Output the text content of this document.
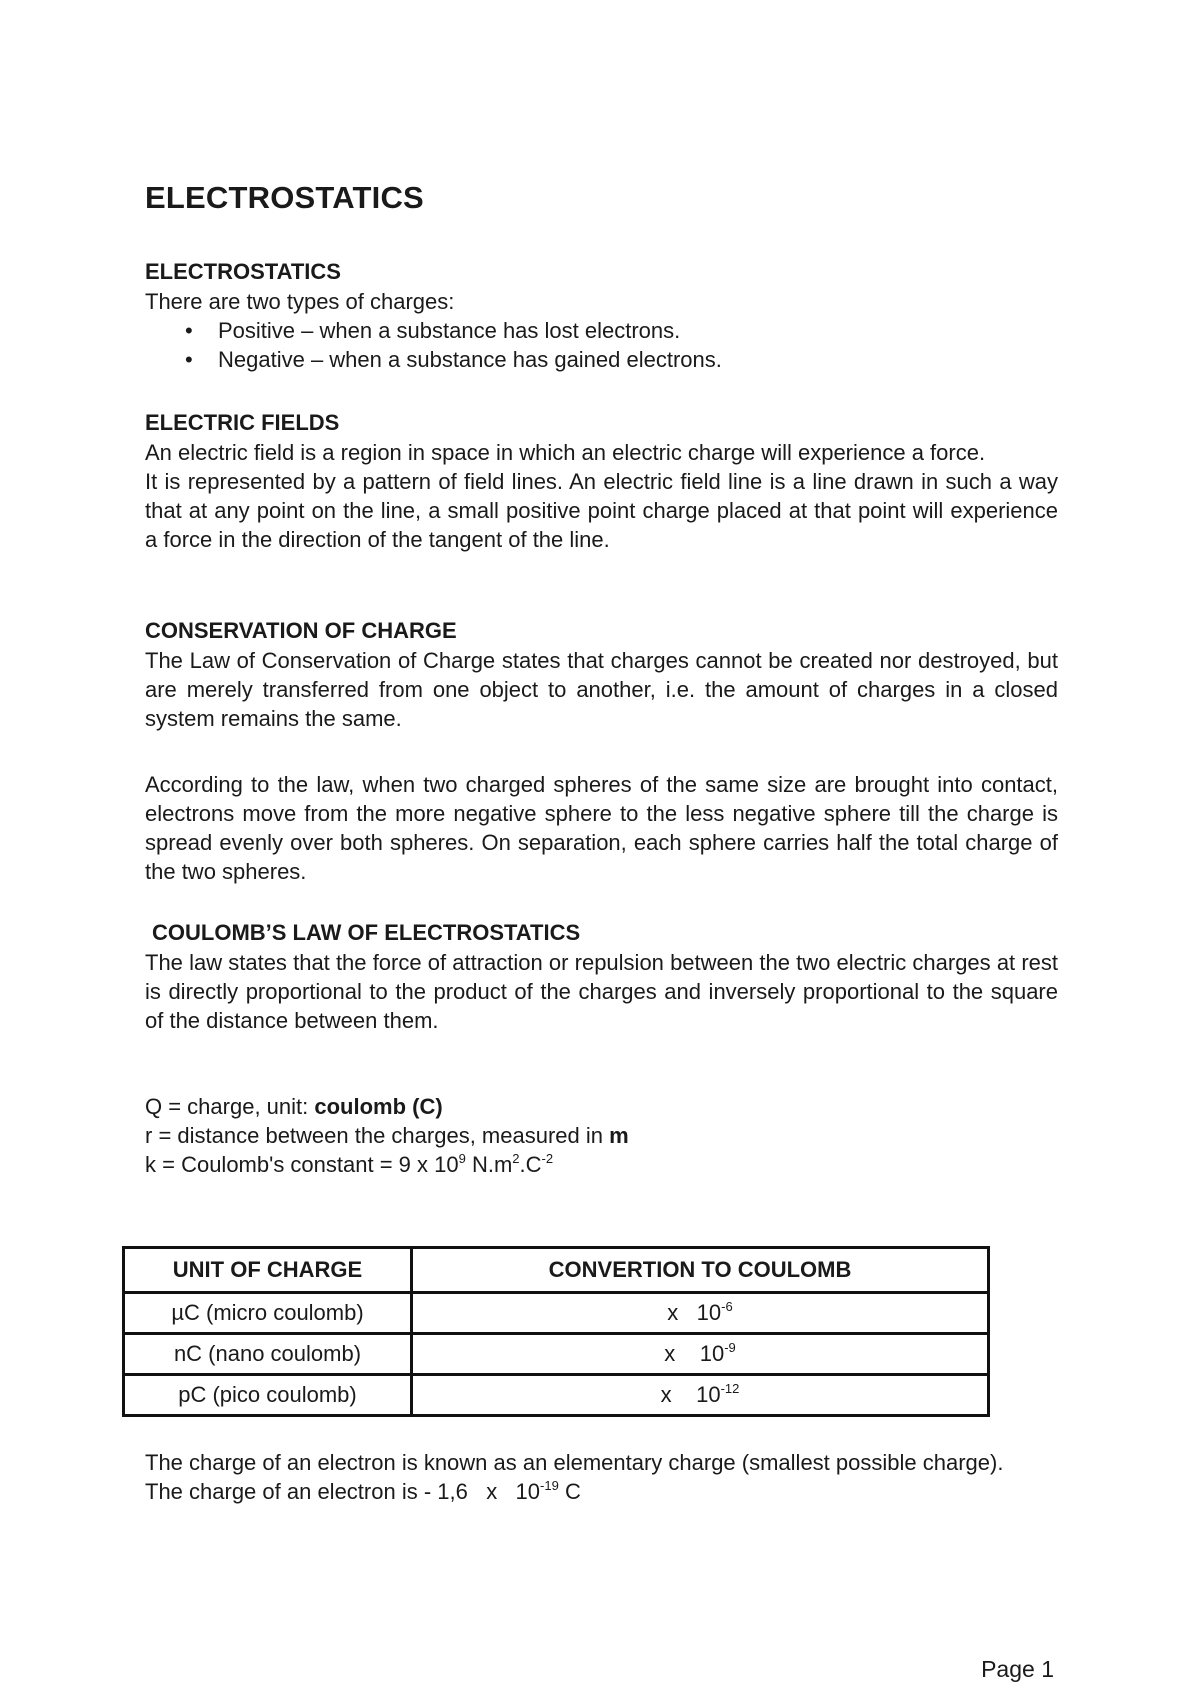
ELECTROSTATICS

ELECTROSTATICS

There are two types of charges:

• Positive – when a substance has lost electrons.
• Negative – when a substance has gained electrons.

ELECTRIC FIELDS

An electric field is a region in space in which an electric charge will experience a force.

It is represented by a pattern of field lines. An electric field line is a line drawn in such a way that at any point on the line, a small positive point charge placed at that point will experience a force in the direction of the tangent of the line.

CONSERVATION OF CHARGE

The Law of Conservation of Charge states that charges cannot be created nor destroyed, but are merely transferred from one object to another, i.e. the amount of charges in a closed system remains the same.

According to the law, when two charged spheres of the same size are brought into contact, electrons move from the more negative sphere to the less negative sphere till the charge is spread evenly over both spheres. On separation, each sphere carries half the total charge of the two spheres.

COULOMB’S LAW OF ELECTROSTATICS

The law states that the force of attraction or repulsion between the two electric charges at rest is directly proportional to the product of the charges and inversely proportional to the square of the distance between them.

Q = charge, unit: coulomb (C)

r = distance between the charges, measured in m

k = Coulomb's constant = 9 x $10^9$ $N.m^2.C^{-2}$

UNIT OF CHARGE	CONVERTION TO COULOMB
µC (micro coulomb)	x $10^{-6}$
nC (nano coulomb)	x $10^{-9}$
pC (pico coulomb)	x $10^{-12}$

The charge of an electron is known as an elementary charge (smallest possible charge).

The charge of an electron is - 1,6 x $10^{-19}$ C

Page 1
